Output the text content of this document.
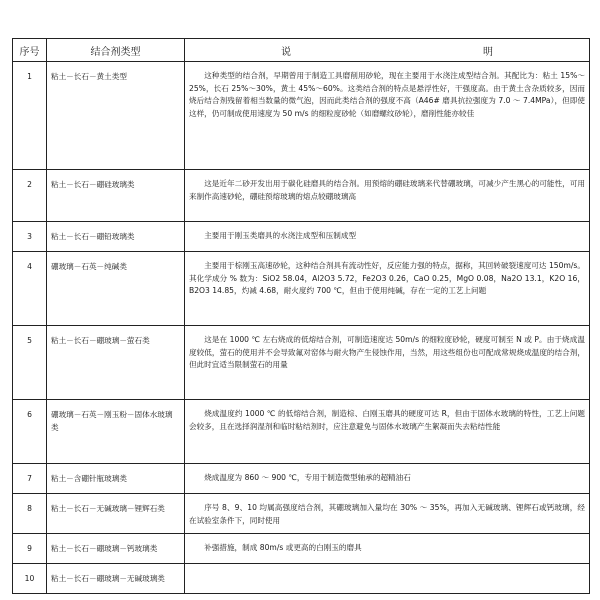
序号	结合剂类型	说 明

1	粘土－长石－黄土类型	这种类型的结合剂，早期曾用于制造工具磨削用砂轮，现在主要用于水浇注成型结合剂。其配比为：粘土 15%～25%，长石 25%～30%，黄土 45%～60%。这类结合剂的特点是悬浮性好，干强度高。由于黄土含杂质较多，因而烧后结合剂残留着相当数量的微气泡，因而此类结合剂的强度不高（A46# 磨具抗拉强度为 7.0 ～ 7.4MPa），但即使这样，仍可制成使用速度为 50 m/s 的细粒度砂轮（如磨螺纹砂轮），磨削性能亦较佳
2	粘土－长石－硼硅玻璃类	这是近年二砂开发出用于碳化硅磨具的结合剂。用预熔的硼硅玻璃来代替硼玻璃，可减少产生黑心的可能性，可用来制作高速砂轮，硼硅预熔玻璃的熔点较硼玻璃高
3	粘土－长石－硼铅玻璃类	主要用于刚玉类磨具的水浇注成型和压制成型
4	硼玻璃－石英－纯碱类	主要用于棕刚玉高速砂轮，这种结合剂具有流动性好，反应能力强的特点，据称，其回转破裂速度可达 150m/s。其化学成分 % 数为：SiO2 58.04，Al2O3 5.72，Fe2O3 0.26，CaO 0.25，MgO 0.08，Na2O 13.1，K2O 16，B2O3 14.85，灼减 4.68，耐火度约 700 ℃，但由于使用纯碱，存在一定的工艺上问题
5	粘土－长石－硼玻璃－萤石类	这是在 1000 ℃ 左右烧成的低熔结合剂，可制造速度达 50m/s 的细粒度砂轮，硬度可制至 N 或 P。由于烧成温度较低，萤石的使用并不会导致氟对窑体与耐火物产生侵蚀作用，当然，用这些组份也可配成常规烧成温度的结合剂，但此时宜适当限制萤石的用量
6	硼玻璃－石英－刚玉粉－固体水玻璃类	烧成温度约 1000 ℃ 的低熔结合剂，制造棕、白刚玉磨具的硬度可达 R，但由于固体水玻璃的特性，工艺上问题会较多，且在选择润湿剂和临时粘结剂时，应注意避免与固体水玻璃产生絮凝而失去粘结性能
7	粘土－含硼针瓶玻璃类	烧成温度为 860 ～ 900 ℃，专用于制造微型轴承的超精油石
8	粘土－长石－无碱玻璃－锂辉石类	序号 8、9、10 均属高强度结合剂，其硼玻璃加入量均在 30% ～ 35%，再加入无碱玻璃、锂辉石或钙玻璃，经在试验室条件下，同时使用
9	粘土－长石－硼玻璃－钙玻璃类	补强措施，制成 80m/s 或更高的白刚玉的磨具
10	粘土－长石－硼玻璃－无碱玻璃类	
